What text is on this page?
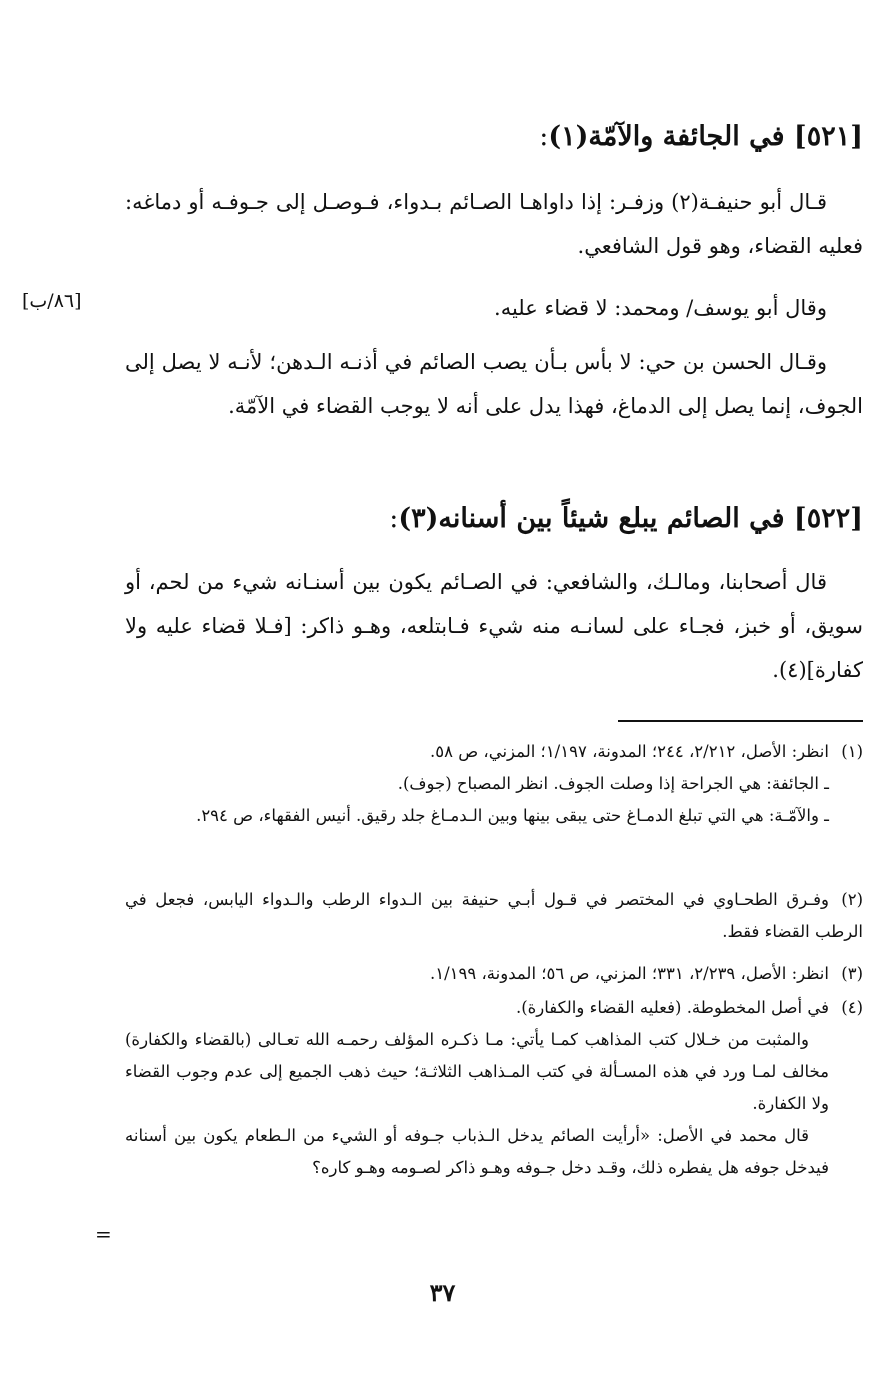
[٨٦/ب]
[٥٢١] في الجائفة والآمّة(١):
قـال أبو حنيفـة(٢) وزفـر: إذا داواهـا الصـائم بـدواء، فـوصـل إلى جـوفـه أو دماغه: فعليه القضاء، وهو قول الشافعي.
وقال أبو يوسف/ ومحمد: لا قضاء عليه.
وقـال الحسن بن حي: لا بأس بـأن يصب الصائم في أذنـه الـدهن؛ لأنـه لا يصل إلى الجوف، إنما يصل إلى الدماغ، فهذا يدل على أنه لا يوجب القضاء في الآمّة.
[٥٢٢] في الصائم يبلع شيئاً بين أسنانه(٣):
قال أصحابنا، ومالـك، والشافعي: في الصـائم يكون بين أسنـانه شيء من لحم، أو سويق، أو خبز، فجـاء على لسانـه منه شيء فـابتلعه، وهـو ذاكر: [فـلا قضاء عليه ولا كفارة](٤).
(١)انظر: الأصل، ٢/٢١٢، ٢٤٤؛ المدونة، ١/١٩٧؛ المزني، ص ٥٨.
ـ الجائفة: هي الجراحة إذا وصلت الجوف. انظر المصباح (جوف).
ـ والآمّـة: هي التي تبلغ الدمـاغ حتى يبقى بينها وبين الـدمـاغ جلد رقيق. أنيس الفقهاء، ص ٢٩٤.
(٢)وفـرق الطحـاوي في المختصر في قـول أبـي حنيفة بين الـدواء الرطب والـدواء اليابس، فجعل في الرطب القضاء فقط.
(٣)انظر: الأصل، ٢/٢٣٩، ٣٣١؛ المزني، ص ٥٦؛ المدونة، ١/١٩٩.
(٤)في أصل المخطوطة. (فعليه القضاء والكفارة).
والمثبت من خـلال كتب المذاهب كمـا يأتي: مـا ذكـره المؤلف رحمـه الله تعـالى (بالقضاء والكفارة) مخالف لمـا ورد في هذه المسـألة في كتب المـذاهب الثلاثـة؛ حيث ذهب الجميع إلى عدم وجوب القضاء ولا الكفارة.
قال محمد في الأصل: «أرأيت الصائم يدخل الـذباب جـوفه أو الشيء من الـطعام يكون بين أسنانه فيدخل جوفه هل يفطره ذلك، وقـد دخل جـوفه وهـو ذاكر لصـومه وهـو كاره؟
=
٣٧
